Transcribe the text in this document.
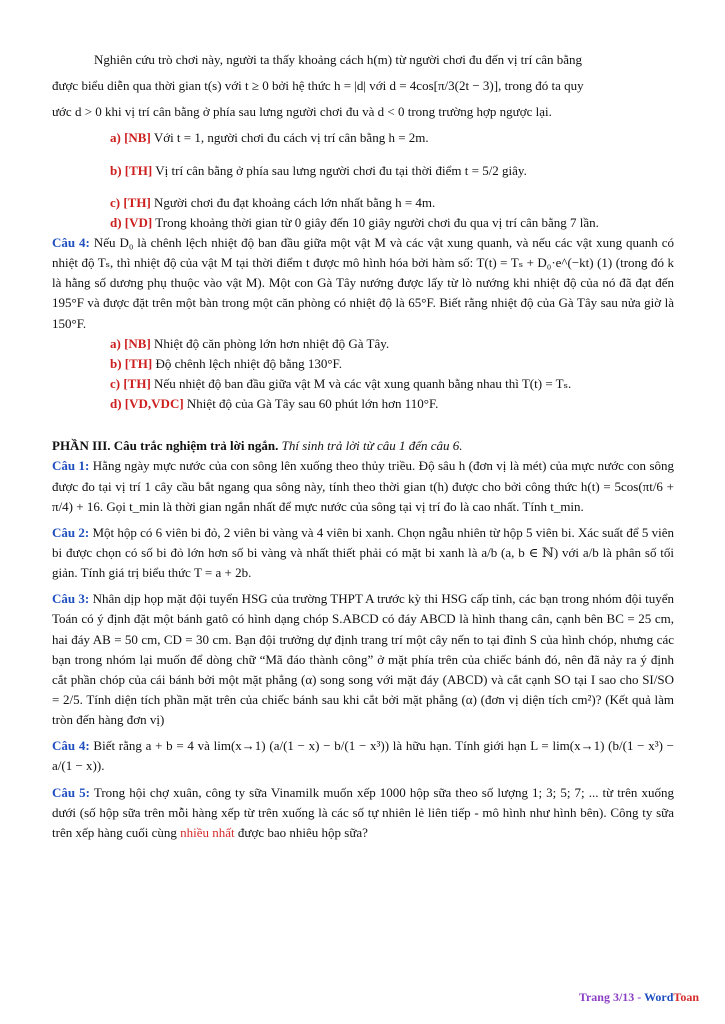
Nghiên cứu trò chơi này, người ta thấy khoảng cách h(m) từ người chơi đu đến vị trí cân bằng

được biểu diễn qua thời gian t(s) với t ≥ 0 bởi hệ thức h = |d| với d = 4cos[π/3(2t − 3)], trong đó ta quy

ước d > 0 khi vị trí cân bằng ở phía sau lưng người chơi đu và d < 0 trong trường hợp ngược lại.

a) [NB] Với t = 1, người chơi đu cách vị trí cân bằng h = 2m.

b) [TH] Vị trí cân bằng ở phía sau lưng người chơi đu tại thời điểm t = 5/2 giây.

c) [TH] Người chơi đu đạt khoảng cách lớn nhất bằng h = 4m.

d) [VD] Trong khoảng thời gian từ 0 giây đến 10 giây người chơi đu qua vị trí cân bằng 7 lần.

Câu 4: Nếu D₀ là chênh lệch nhiệt độ ban đầu giữa một vật M và các vật xung quanh, và nếu các vật xung quanh có nhiệt độ Tₛ, thì nhiệt độ của vật M tại thời điểm t được mô hình hóa bởi hàm số: T(t) = Tₛ + D₀·e^(−kt) (1) (trong đó k là hằng số dương phụ thuộc vào vật M). Một con Gà Tây nướng được lấy từ lò nướng khi nhiệt độ của nó đã đạt đến 195°F và được đặt trên một bàn trong một căn phòng có nhiệt độ là 65°F. Biết rằng nhiệt độ của Gà Tây sau nửa giờ là 150°F.

a) [NB] Nhiệt độ căn phòng lớn hơn nhiệt độ Gà Tây.

b) [TH] Độ chênh lệch nhiệt độ bằng 130°F.

c) [TH] Nếu nhiệt độ ban đầu giữa vật M và các vật xung quanh bằng nhau thì T(t) = Tₛ.

d) [VD,VDC] Nhiệt độ của Gà Tây sau 60 phút lớn hơn 110°F.

PHẦN III. Câu trắc nghiệm trả lời ngắn. Thí sinh trả lời từ câu 1 đến câu 6.

Câu 1: Hằng ngày mực nước của con sông lên xuống theo thủy triều. Độ sâu h (đơn vị là mét) của mực nước con sông được đo tại vị trí 1 cây cầu bắt ngang qua sông này, tính theo thời gian t(h) được cho bởi công thức h(t) = 5cos(πt/6 + π/4) + 16. Gọi t_min là thời gian ngắn nhất để mực nước của sông tại vị trí đo là cao nhất. Tính t_min.

Câu 2: Một hộp có 6 viên bi đỏ, 2 viên bi vàng và 4 viên bi xanh. Chọn ngẫu nhiên từ hộp 5 viên bi. Xác suất để 5 viên bi được chọn có số bi đỏ lớn hơn số bi vàng và nhất thiết phải có mặt bi xanh là a/b (a, b ∈ ℕ) với a/b là phân số tối giản. Tính giá trị biểu thức T = a + 2b.

Câu 3: Nhân dịp họp mặt đội tuyển HSG của trường THPT A trước kỳ thi HSG cấp tỉnh, các bạn trong nhóm đội tuyển Toán có ý định đặt một bánh gatô có hình dạng chóp S.ABCD có đáy ABCD là hình thang cân, cạnh bên BC = 25 cm, hai đáy AB = 50 cm, CD = 30 cm. Bạn đội trưởng dự định trang trí một cây nến to tại đỉnh S của hình chóp, nhưng các bạn trong nhóm lại muốn để dòng chữ “Mã đáo thành công” ở mặt phía trên của chiếc bánh đó, nên đã nảy ra ý định cắt phần chóp của cái bánh bởi một mặt phẳng (α) song song với mặt đáy (ABCD) và cắt cạnh SO tại I sao cho SI/SO = 2/5. Tính diện tích phần mặt trên của chiếc bánh sau khi cắt bởi mặt phẳng (α) (đơn vị diện tích cm²)? (Kết quả làm tròn đến hàng đơn vị)

Câu 4: Biết rằng a + b = 4 và lim(x→1) (a/(1 − x) − b/(1 − x³)) là hữu hạn. Tính giới hạn L = lim(x→1) (b/(1 − x³) − a/(1 − x)).

Câu 5: Trong hội chợ xuân, công ty sữa Vinamilk muốn xếp 1000 hộp sữa theo số lượng 1; 3; 5; 7; ... từ trên xuống dưới (số hộp sữa trên mỗi hàng xếp từ trên xuống là các số tự nhiên lẻ liên tiếp - mô hình như hình bên). Công ty sữa trên xếp hàng cuối cùng nhiều nhất được bao nhiêu hộp sữa?

Trang 3/13 - WordToan
